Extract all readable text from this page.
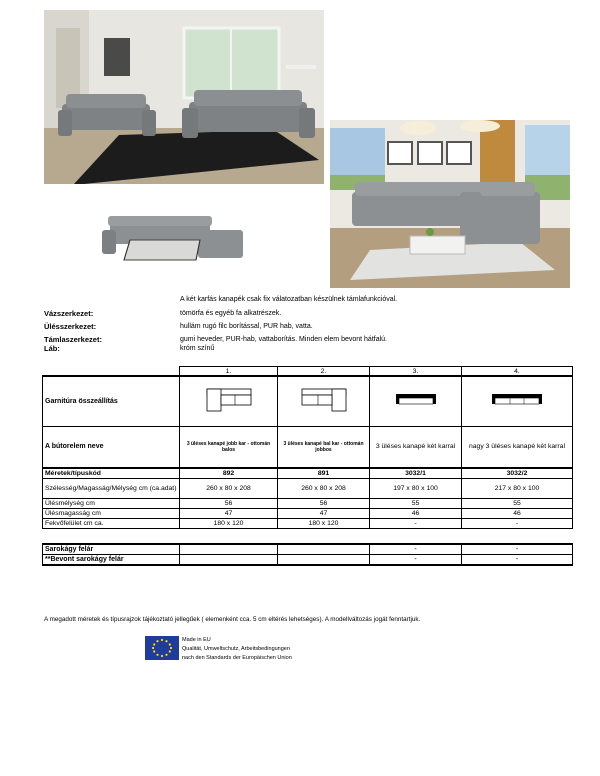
A két karfás kanapék csak fix válatozatban készülnek támlafunkcióval.
Vázszerkezet:	tömörfa és egyéb fa alkatrészek.
Ülésszerkezet:	hullám rugó filc borítással, PUR hab, vatta.
Támlaszerkezet:	gumi heveder, PUR-hab, vattaborítás. Minden elem bevont hátfalú.
Láb:	króm színű
	1.	2.	3.	4.
Garnitúra összeállítás				
A bútorelem neve	3 üléses kanapé jobb kar - ottomán balos	3 üléses kanapé bal kar - ottomán jobbos	3 üléses kanapé két karral	nagy 3 üléses kanapé két karral
Méretek/típuskód	892	891	3032/1	3032/2
Szélesség/Magasság/Mélység cm (ca.adat)	260 x 80 x 208	260 x 80 x 208	197 x 80 x 100	217 x 80 x 100
Ülésmélység cm	56	56	55	55
Ülésmagasság cm	47	47	46	46
Fekvőfelület cm ca.	180 x 120	180 x 120	-	-
Sarokágy felár			-	-
**Bevont sarokágy felár			-	-
A megadott méretek és típusrajzok tájékoztató jellegűek ( elemenként cca. 5 cm eltérés lehetséges). A modellváltozás jogát fenntartjuk.
Made in EU
Qualität, Umweltschutz, Arbeitsbedingungen
nach den Standards der Europäischen Union
